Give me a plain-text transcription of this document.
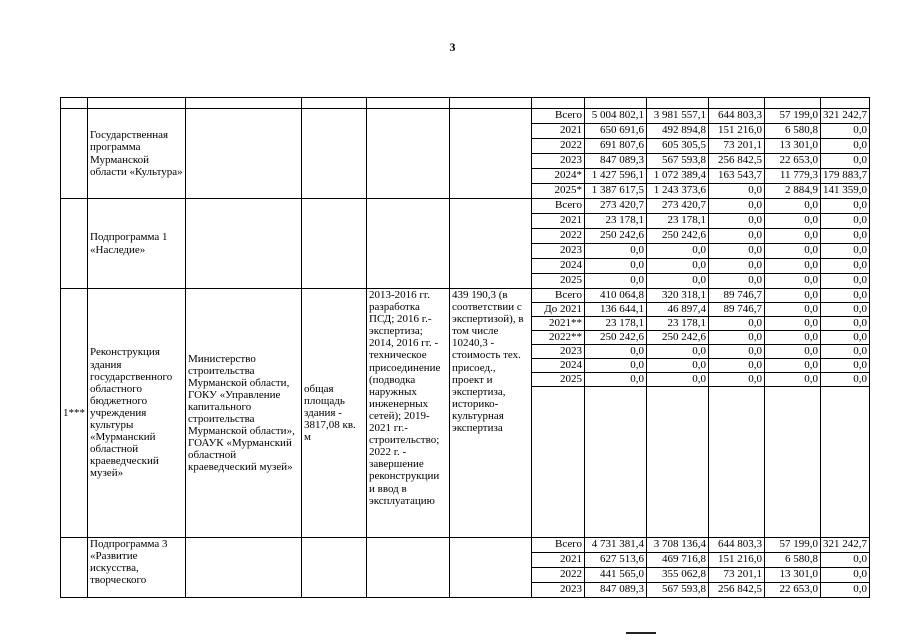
3

	Государственная программа Мурманской области «Культура»					Всего	5 004 802,1	3 981 557,1	644 803,3	57 199,0	321 242,7
						2021	650 691,6	492 894,8	151 216,0	6 580,8	0,0
						2022	691 807,6	605 305,5	73 201,1	13 301,0	0,0
						2023	847 089,3	567 593,8	256 842,5	22 653,0	0,0
						2024*	1 427 596,1	1 072 389,4	163 543,7	11 779,3	179 883,7
						2025*	1 387 617,5	1 243 373,6	0,0	2 884,9	141 359,0
	Подпрограмма 1 «Наследие»					Всего	273 420,7	273 420,7	0,0	0,0	0,0
						2021	23 178,1	23 178,1	0,0	0,0	0,0
						2022	250 242,6	250 242,6	0,0	0,0	0,0
						2023	0,0	0,0	0,0	0,0	0,0
						2024	0,0	0,0	0,0	0,0	0,0
						2025	0,0	0,0	0,0	0,0	0,0
1***	Реконструкция здания государственного областного бюджетного учреждения культуры «Мурманский областной краеведческий музей»	Министерство строительства Мурманской области, ГОКУ «Управление капитального строительства Мурманской области», ГОАУК «Мурманский областной краеведческий музей»	общая площадь здания - 3817,08 кв. м	2013-2016 гг. разработка ПСД; 2016 г.- экспертиза; 2014, 2016 гг. - техническое присоединение (подводка наружных инженерных сетей); 2019-2021 гг.- строительство; 2022 г. - завершение реконструкции и ввод в эксплуатацию	439 190,3 (в соответствии с экспертизой), в том числе 10240,3 - стоимость тех. присоед., проект и экспертиза, историко-культурная экспертиза	Всего	410 064,8	320 318,1	89 746,7	0,0	0,0
						До 2021	136 644,1	46 897,4	89 746,7	0,0	0,0
						2021**	23 178,1	23 178,1	0,0	0,0	0,0
						2022**	250 242,6	250 242,6	0,0	0,0	0,0
						2023	0,0	0,0	0,0	0,0	0,0
						2024	0,0	0,0	0,0	0,0	0,0
						2025	0,0	0,0	0,0	0,0	0,0

	Подпрограмма 3 «Развитие искусства, творческого					Всего	4 731 381,4	3 708 136,4	644 803,3	57 199,0	321 242,7
						2021	627 513,6	469 716,8	151 216,0	6 580,8	0,0
						2022	441 565,0	355 062,8	73 201,1	13 301,0	0,0
						2023	847 089,3	567 593,8	256 842,5	22 653,0	0,0
